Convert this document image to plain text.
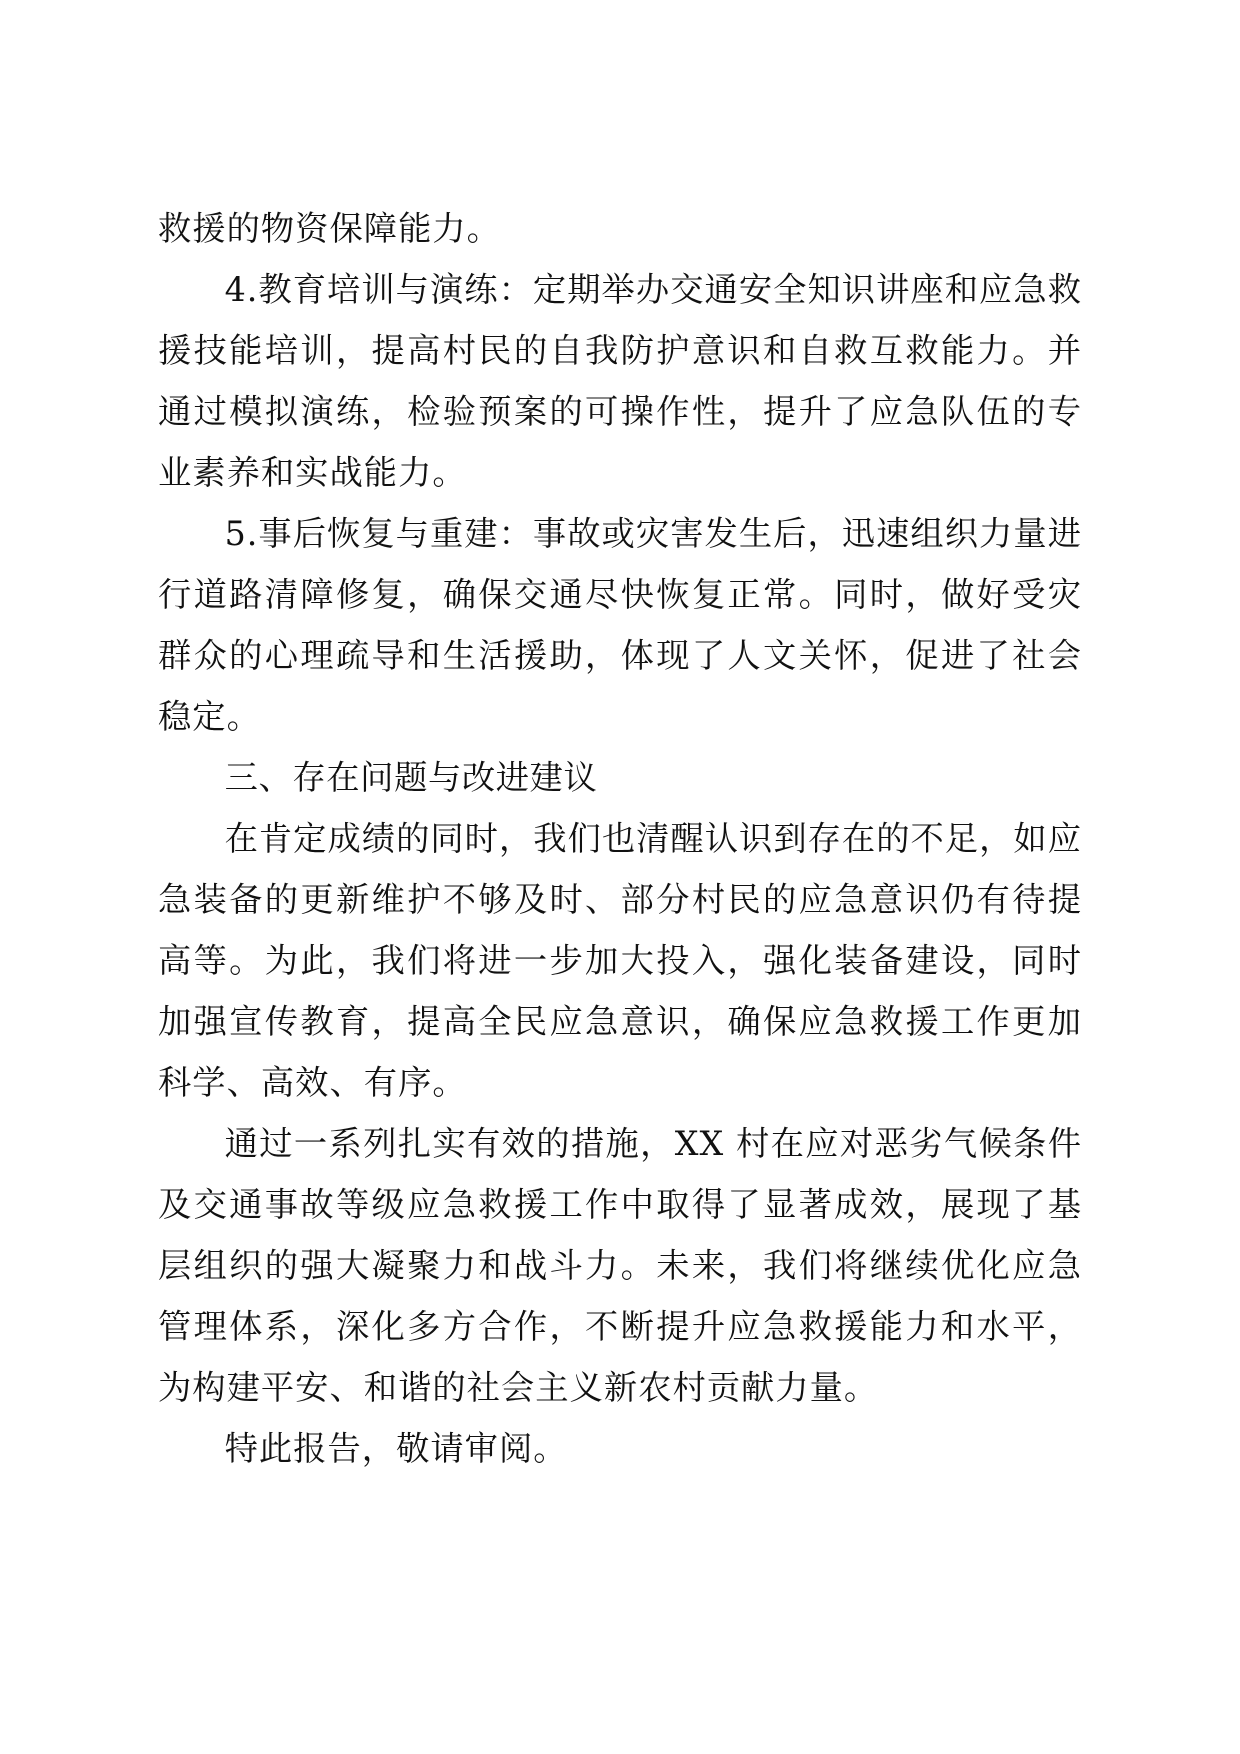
救援的物资保障能力。

4.教育培训与演练：定期举办交通安全知识讲座和应急救援技能培训，提高村民的自我防护意识和自救互救能力。并通过模拟演练，检验预案的可操作性，提升了应急队伍的专业素养和实战能力。

5.事后恢复与重建：事故或灾害发生后，迅速组织力量进行道路清障修复，确保交通尽快恢复正常。同时，做好受灾群众的心理疏导和生活援助，体现了人文关怀，促进了社会稳定。

三、存在问题与改进建议

在肯定成绩的同时，我们也清醒认识到存在的不足，如应急装备的更新维护不够及时、部分村民的应急意识仍有待提高等。为此，我们将进一步加大投入，强化装备建设，同时加强宣传教育，提高全民应急意识，确保应急救援工作更加科学、高效、有序。

通过一系列扎实有效的措施，XX 村在应对恶劣气候条件及交通事故等级应急救援工作中取得了显著成效，展现了基层组织的强大凝聚力和战斗力。未来，我们将继续优化应急管理体系，深化多方合作，不断提升应急救援能力和水平，为构建平安、和谐的社会主义新农村贡献力量。

特此报告，敬请审阅。
